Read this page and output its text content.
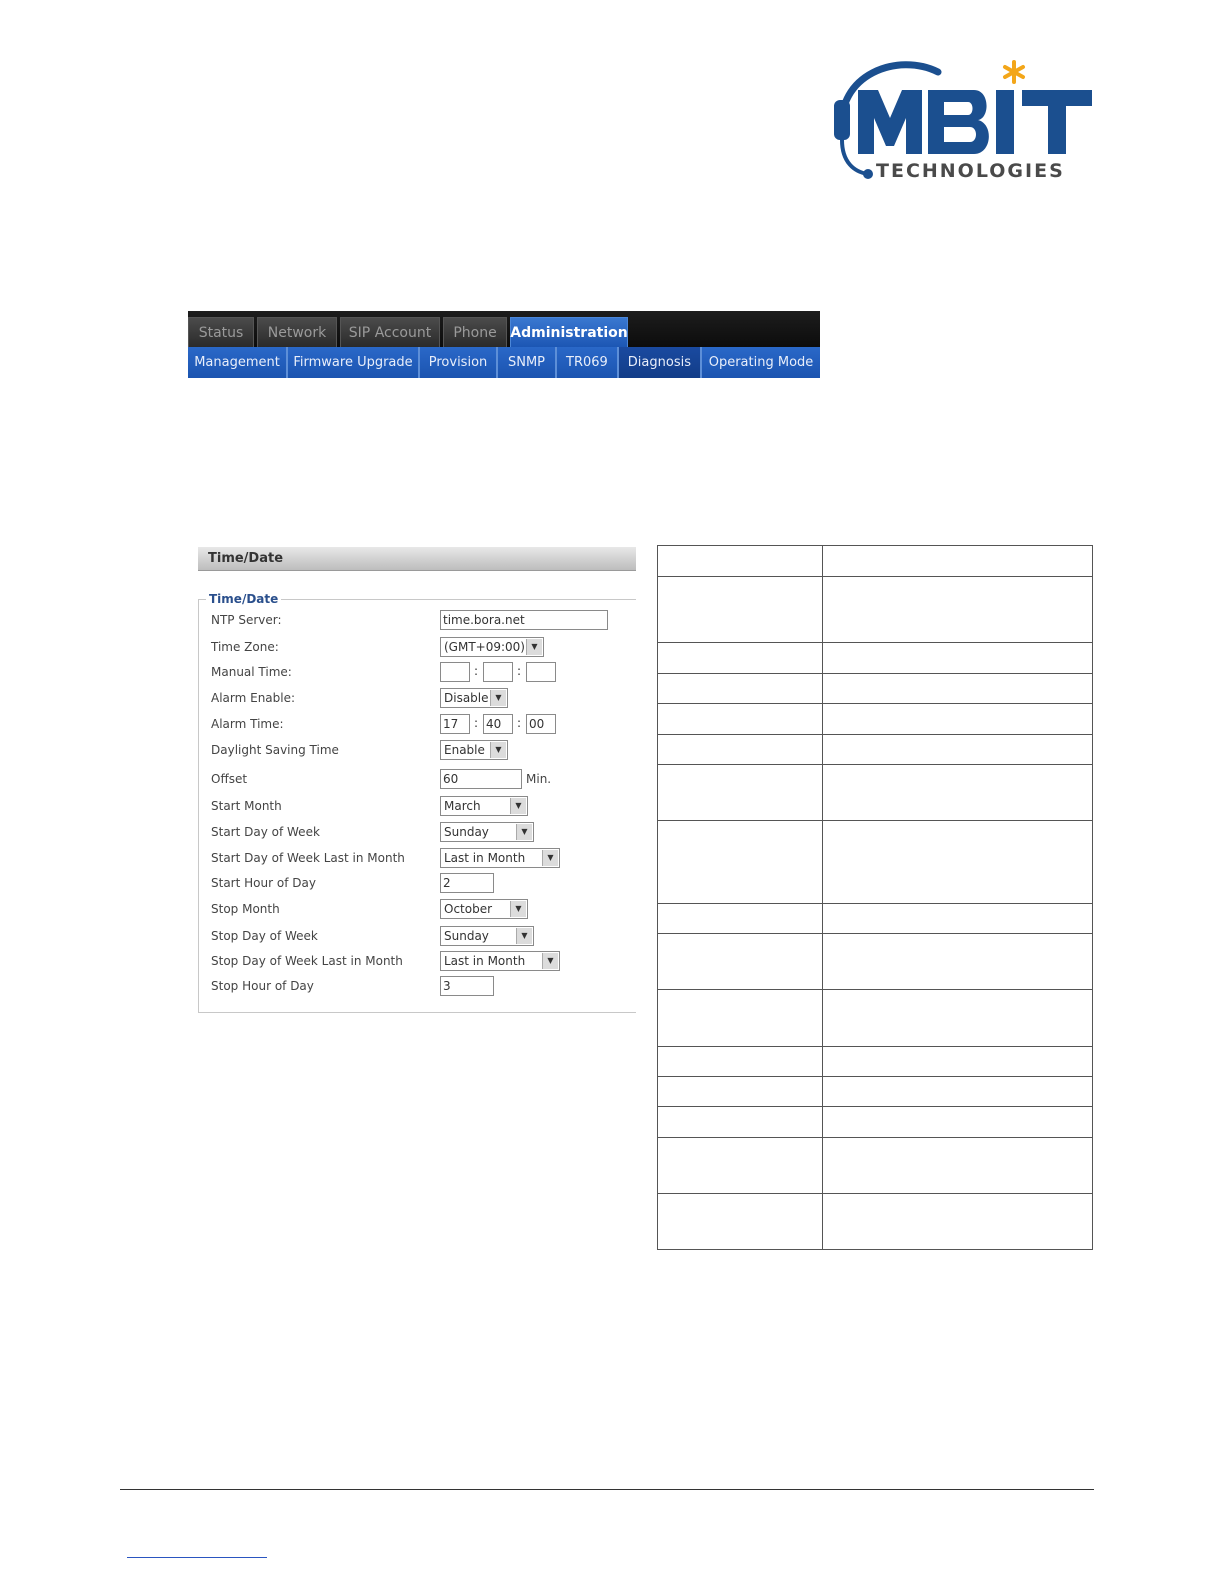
TECHNOLOGIES
Status	Network	SIP Account	Phone Administration
Management	Firmware Upgrade	Provision	SNMP	TR069	Diagnosis	Operating Mode
Time/Date
Time/Date
NTP Server:	time.bora.net
Time Zone:	(GMT+09:00) ▼
Manual Time:	:	:
Alarm Enable:	Disable ▼
Alarm Time:	17	: 40	: 00
Daylight Saving Time	Enable	▼
Offset	60	Min.
Start Month	March	▼
Start Day of Week	Sunday	▼
Start Day of Week Last in Month	Last in Month	▼
Start Hour of Day	2
Stop Month	October	▼
Stop Day of Week	Sunday	▼
Stop Day of Week Last in Month	Last in Month	▼
Stop Hour of Day	3
